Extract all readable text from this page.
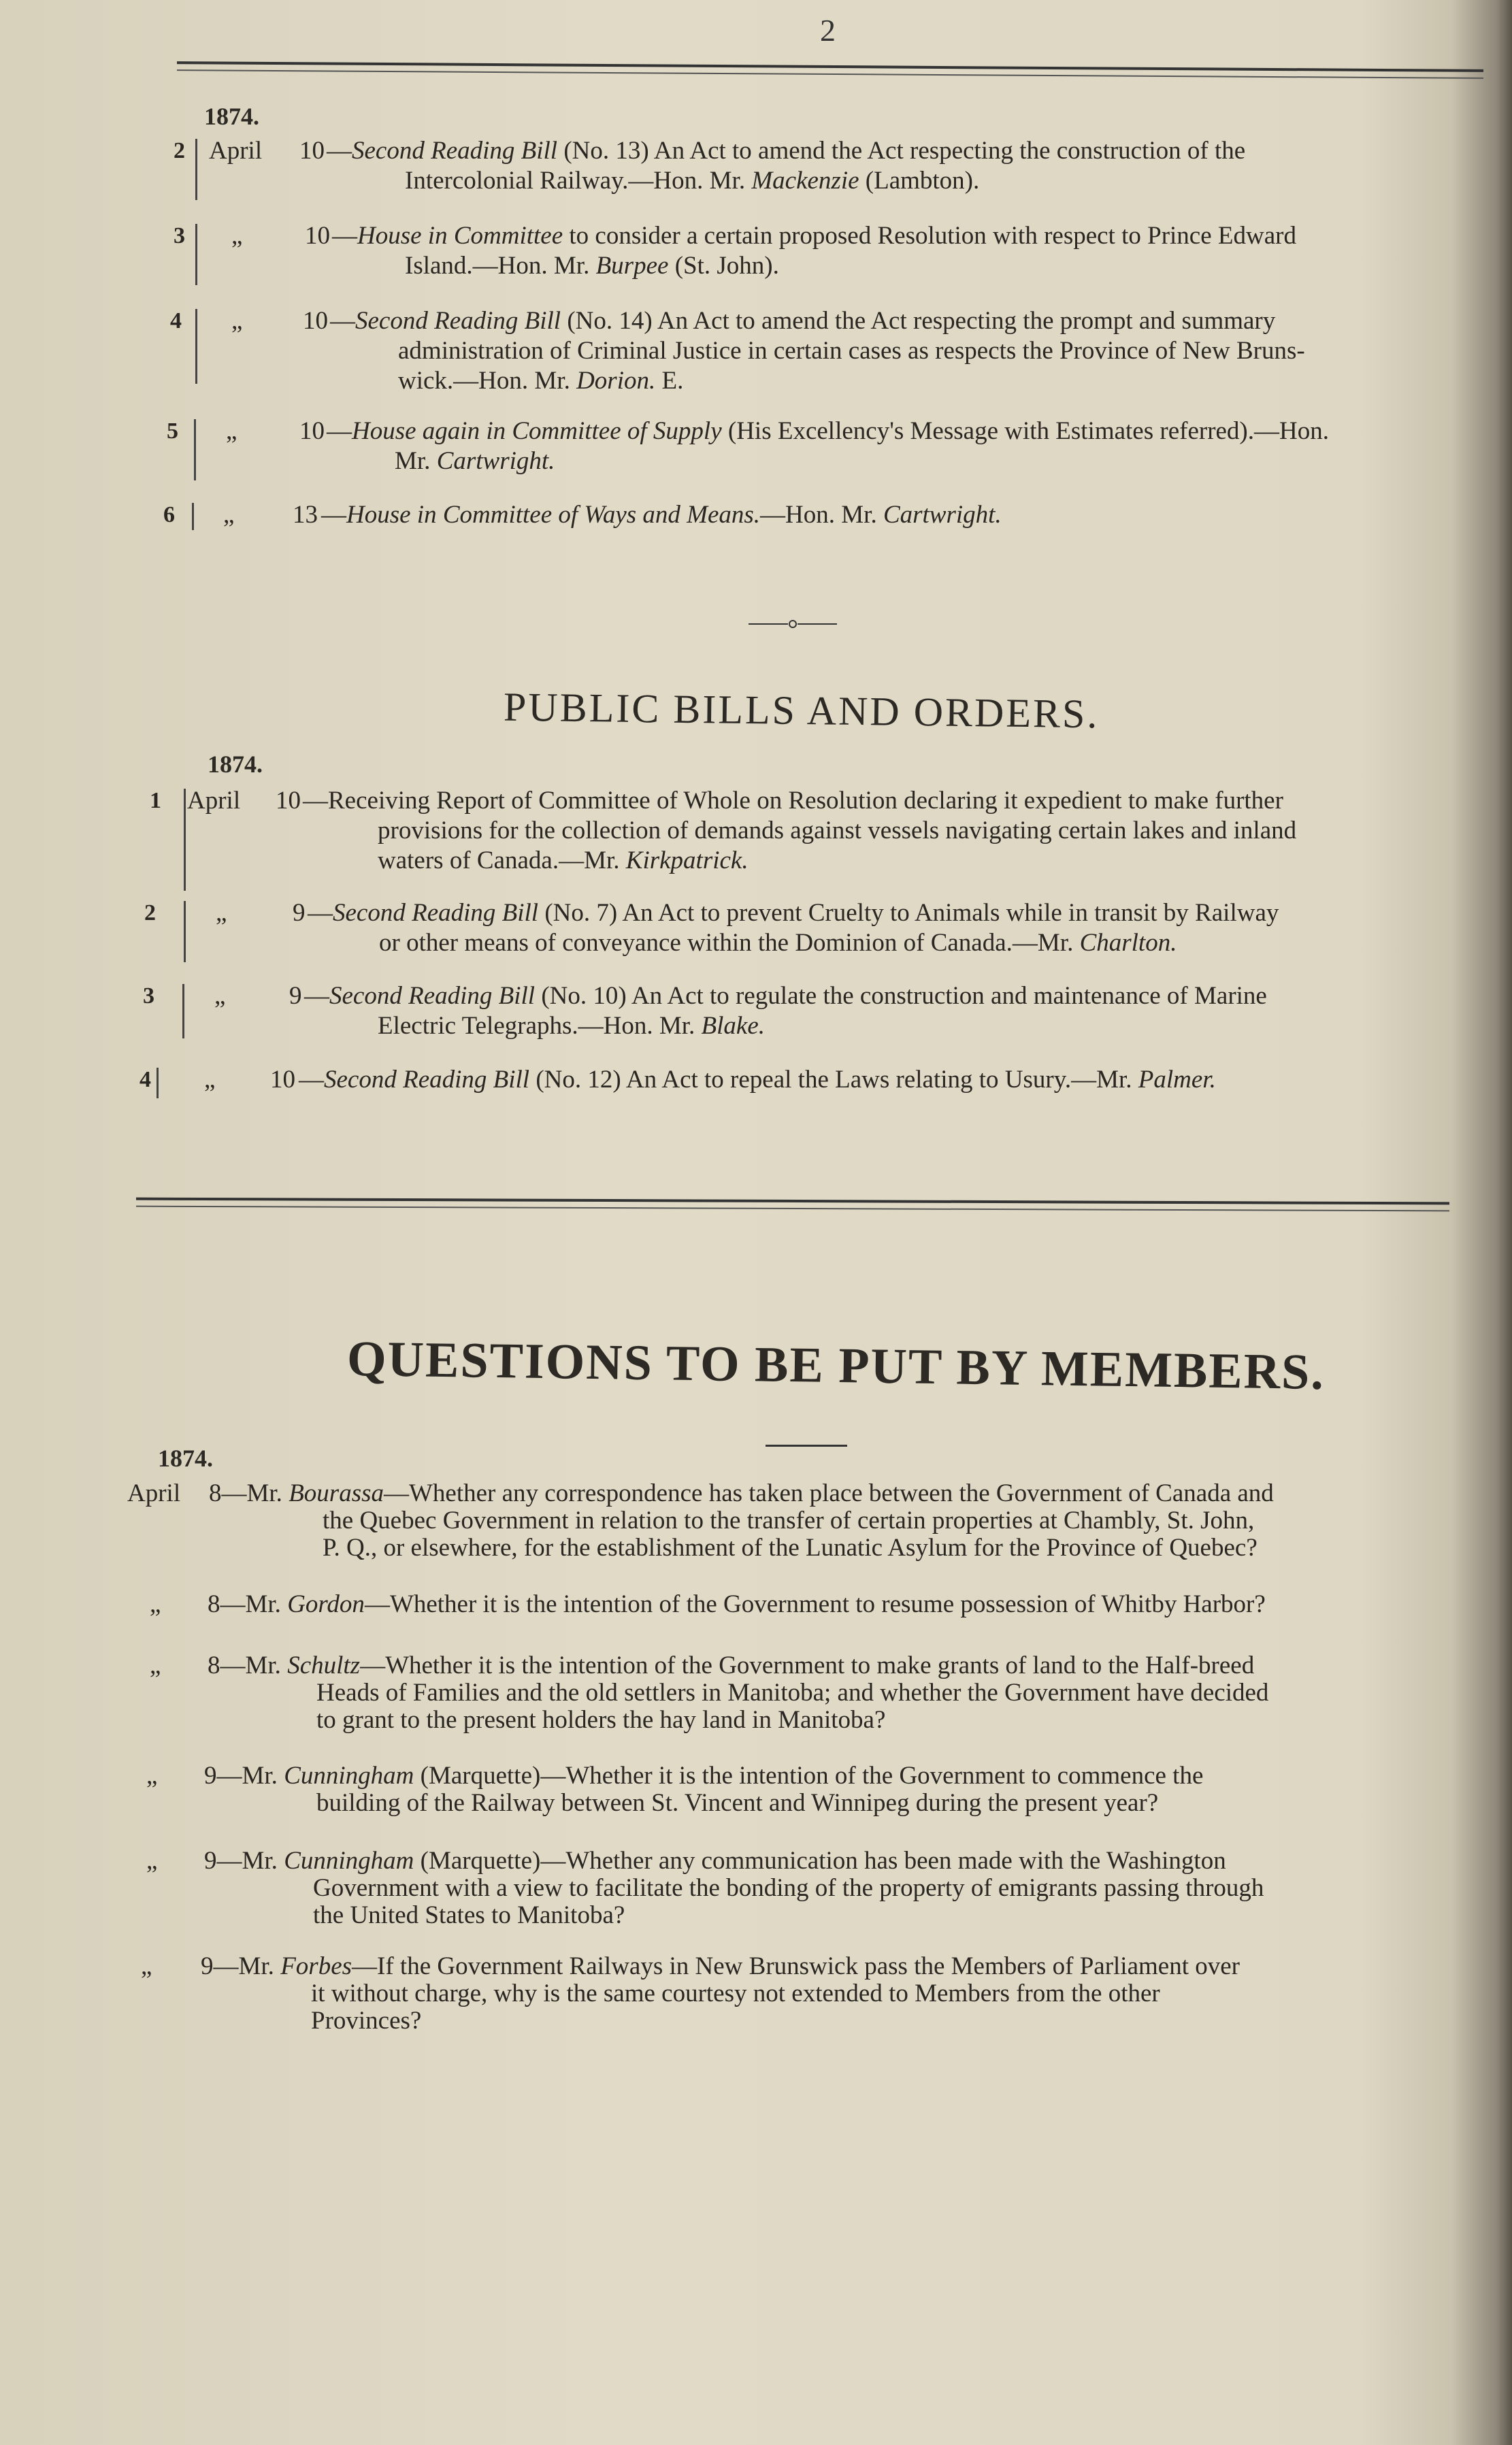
2
1874.
2 April 10 —Second Reading Bill (No. 13) An Act to amend the Act respecting the construction of the
Intercolonial Railway.—Hon. Mr. Mackenzie (Lambton).
3 „ 10 —House in Committee to consider a certain proposed Resolution with respect to Prince Edward
Island.—Hon. Mr. Burpee (St. John).
4 „ 10 —Second Reading Bill (No. 14) An Act to amend the Act respecting the prompt and summary
administration of Criminal Justice in certain cases as respects the Province of New Bruns-
wick.—Hon. Mr. Dorion. E.
5 „ 10 —House again in Committee of Supply (His Excellency's Message with Estimates referred).—Hon.
Mr. Cartwright.
6 „ 13 —House in Committee of Ways and Means.—Hon. Mr. Cartwright.
PUBLIC BILLS AND ORDERS.
1874.
1 April 10 —Receiving Report of Committee of Whole on Resolution declaring it expedient to make further
provisions for the collection of demands against vessels navigating certain lakes and inland
waters of Canada.—Mr. Kirkpatrick.
2 „	9 —Second Reading Bill (No. 7) An Act to prevent Cruelty to Animals while in transit by Railway
or other means of conveyance within the Dominion of Canada.—Mr. Charlton.
3 „	9 —Second Reading Bill (No. 10) An Act to regulate the construction and maintenance of Marine
Electric Telegraphs.—Hon. Mr. Blake.
4 „ 10 —Second Reading Bill (No. 12) An Act to repeal the Laws relating to Usury.—Mr. Palmer.
QUESTIONS TO BE PUT BY MEMBERS.
1874.
April 8—Mr. Bourassa—Whether any correspondence has taken place between the Government of Canada and
the Quebec Government in relation to the transfer of certain properties at Chambly, St. John,
P. Q., or elsewhere, for the establishment of the Lunatic Asylum for the Province of Quebec?
„ 8—Mr. Gordon—Whether it is the intention of the Government to resume possession of Whitby Harbor?
„ 8—Mr. Schultz—Whether it is the intention of the Government to make grants of land to the Half-breed
Heads of Families and the old settlers in Manitoba; and whether the Government have decided
to grant to the present holders the hay land in Manitoba?
„ 9—Mr. Cunningham (Marquette)—Whether it is the intention of the Government to commence the
building of the Railway between St. Vincent and Winnipeg during the present year?
„ 9—Mr. Cunningham (Marquette)—Whether any communication has been made with the Washington
Government with a view to facilitate the bonding of the property of emigrants passing through
the United States to Manitoba?
„ 9—Mr. Forbes—If the Government Railways in New Brunswick pass the Members of Parliament over
it without charge, why is the same courtesy not extended to Members from the other
Provinces?
